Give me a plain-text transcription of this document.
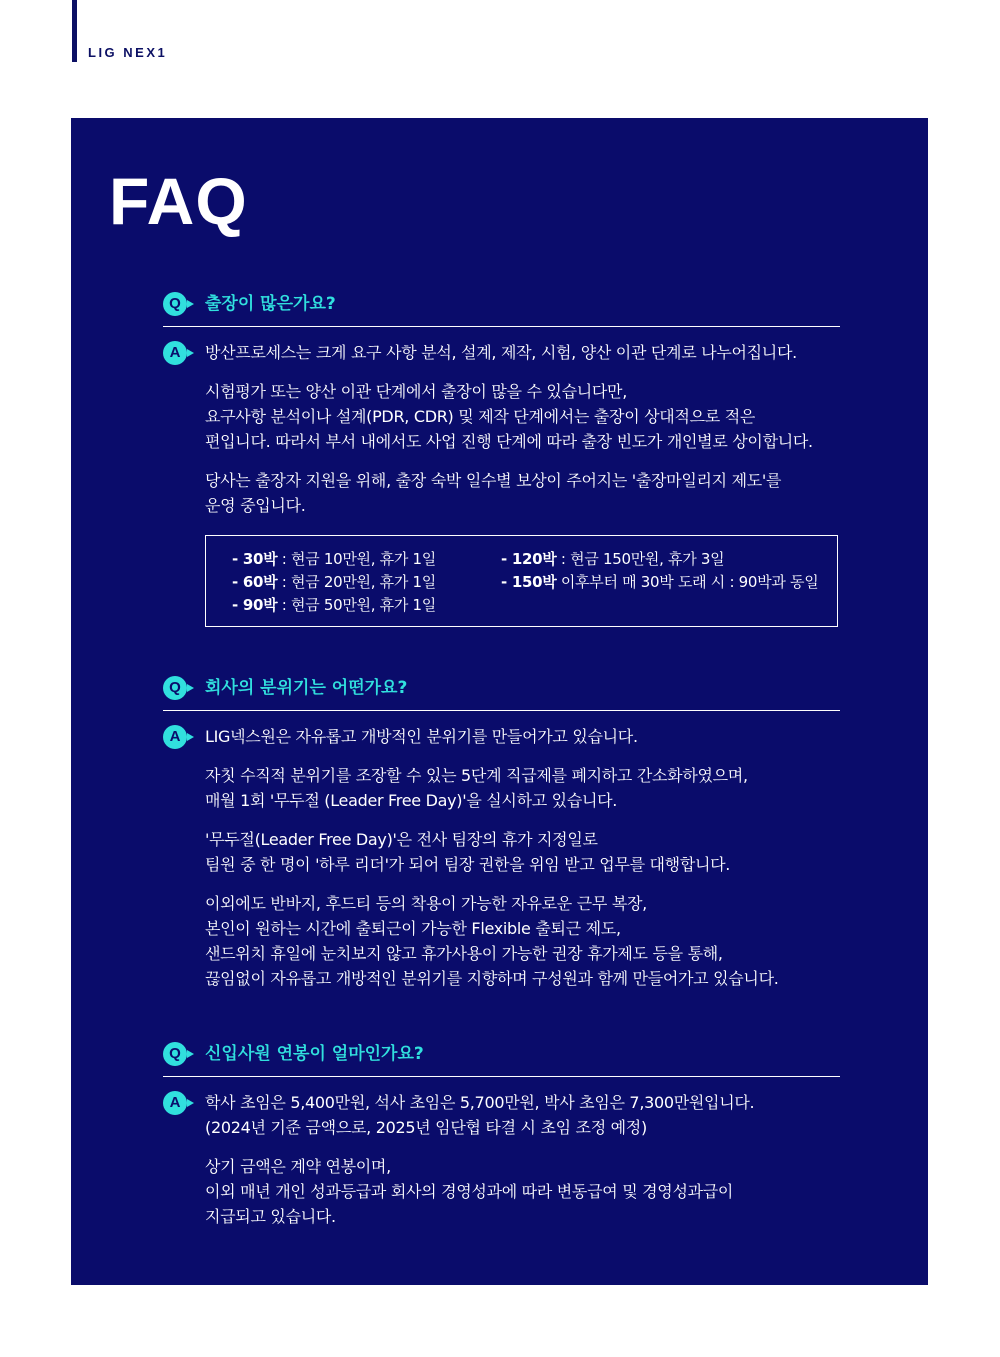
LIG NEX1
FAQ
Q	출장이 많은가요?
A	방산프로세스는 크게 요구 사항 분석, 설계, 제작, 시험, 양산 이관 단계로 나누어집니다.

시험평가 또는 양산 이관 단계에서 출장이 많을 수 있습니다만,
요구사항 분석이나 설계(PDR, CDR) 및 제작 단계에서는 출장이 상대적으로 적은
편입니다. 따라서 부서 내에서도 사업 진행 단계에 따라 출장 빈도가 개인별로 상이합니다.

당사는 출장자 지원을 위해, 출장 숙박 일수별 보상이 주어지는 '출장마일리지 제도'를
운영 중입니다.

- 30박 : 현금 10만원, 휴가 1일
- 60박 : 현금 20만원, 휴가 1일
- 90박 : 현금 50만원, 휴가 1일
- 120박 : 현금 150만원, 휴가 3일
- 150박 이후부터 매 30박 도래 시 : 90박과 동일
Q	회사의 분위기는 어떤가요?
A	LIG넥스원은 자유롭고 개방적인 분위기를 만들어가고 있습니다.

자칫 수직적 분위기를 조장할 수 있는 5단계 직급제를 폐지하고 간소화하였으며,
매월 1회 '무두절 (Leader Free Day)'을 실시하고 있습니다.

'무두절(Leader Free Day)'은 전사 팀장의 휴가 지정일로
팀원 중 한 명이 '하루 리더'가 되어 팀장 권한을 위임 받고 업무를 대행합니다.

이외에도 반바지, 후드티 등의 착용이 가능한 자유로운 근무 복장,
본인이 원하는 시간에 출퇴근이 가능한 Flexible 출퇴근 제도,
샌드위치 휴일에 눈치보지 않고 휴가사용이 가능한 권장 휴가제도 등을 통해,
끊임없이 자유롭고 개방적인 분위기를 지향하며 구성원과 함께 만들어가고 있습니다.

Q	신입사원 연봉이 얼마인가요?
A	학사 초임은 5,400만원, 석사 초임은 5,700만원, 박사 초임은 7,300만원입니다.
(2024년 기준 금액으로, 2025년 임단협 타결 시 초임 조정 예정)

상기 금액은 계약 연봉이며,
이외 매년 개인 성과등급과 회사의 경영성과에 따라 변동급여 및 경영성과급이
지급되고 있습니다.
